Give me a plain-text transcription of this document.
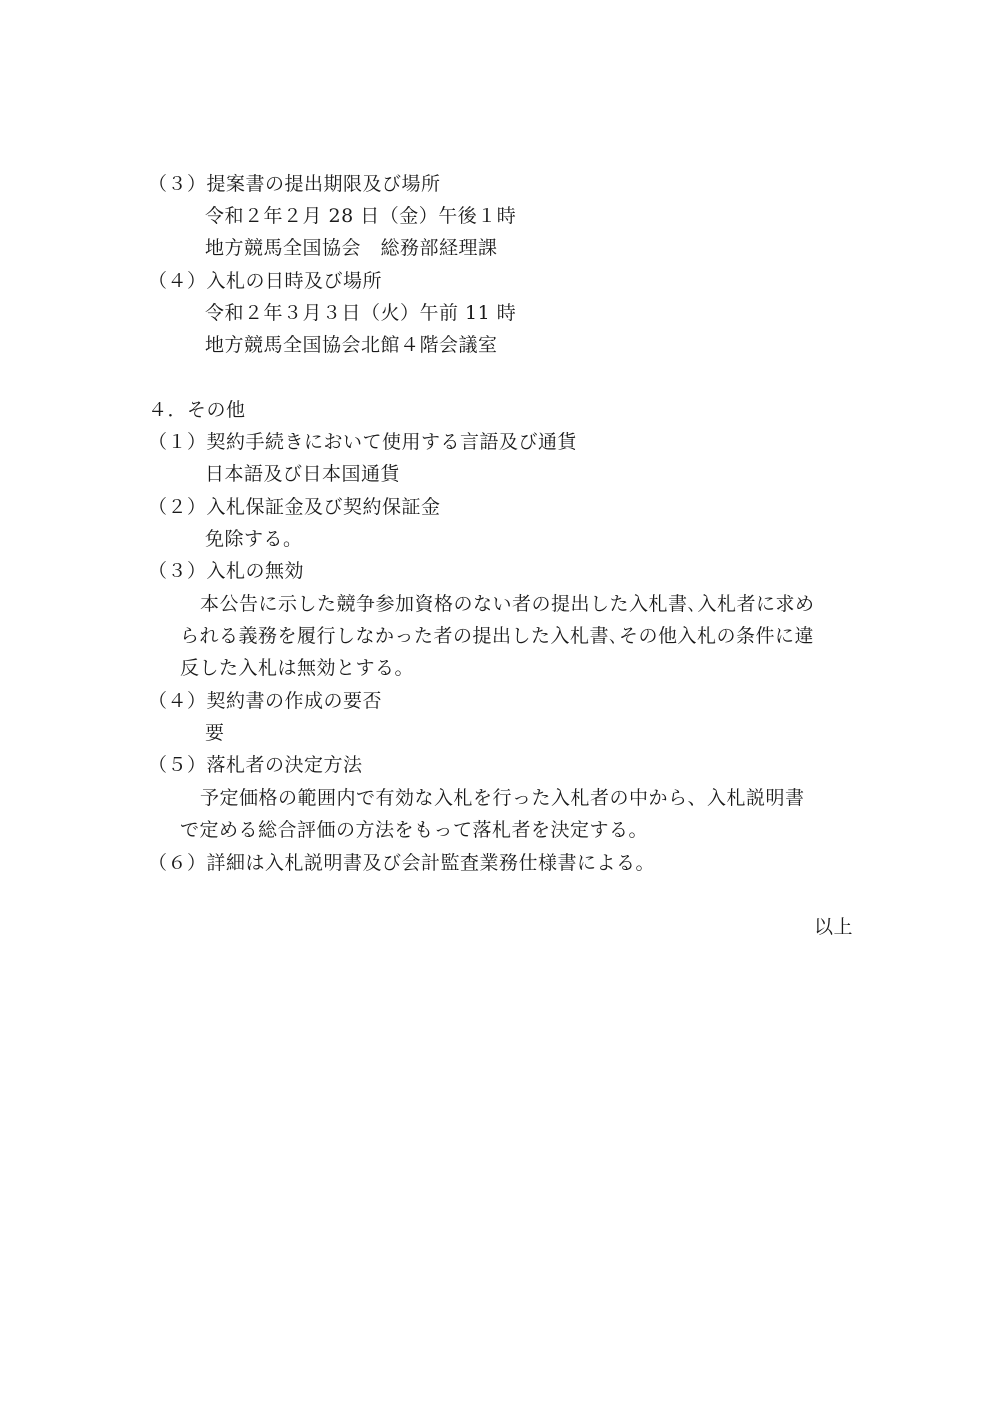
（３）提案書の提出期限及び場所
令和２年２月 28 日（金）午後１時
地方競馬全国協会　総務部経理課
（４）入札の日時及び場所
令和２年３月３日（火）午前 11 時
地方競馬全国協会北館４階会議室
４．その他
（１）契約手続きにおいて使用する言語及び通貨
日本語及び日本国通貨
（２）入札保証金及び契約保証金
免除する。
（３）入札の無効
本公告に示した競争参加資格のない者の提出した入札書､入札者に求め
られる義務を履行しなかった者の提出した入札書､その他入札の条件に違
反した入札は無効とする。
（４）契約書の作成の要否
要
（５）落札者の決定方法
予定価格の範囲内で有効な入札を行った入札者の中から、入札説明書
で定める総合評価の方法をもって落札者を決定する。
（６）詳細は入札説明書及び会計監査業務仕様書による。
以上
